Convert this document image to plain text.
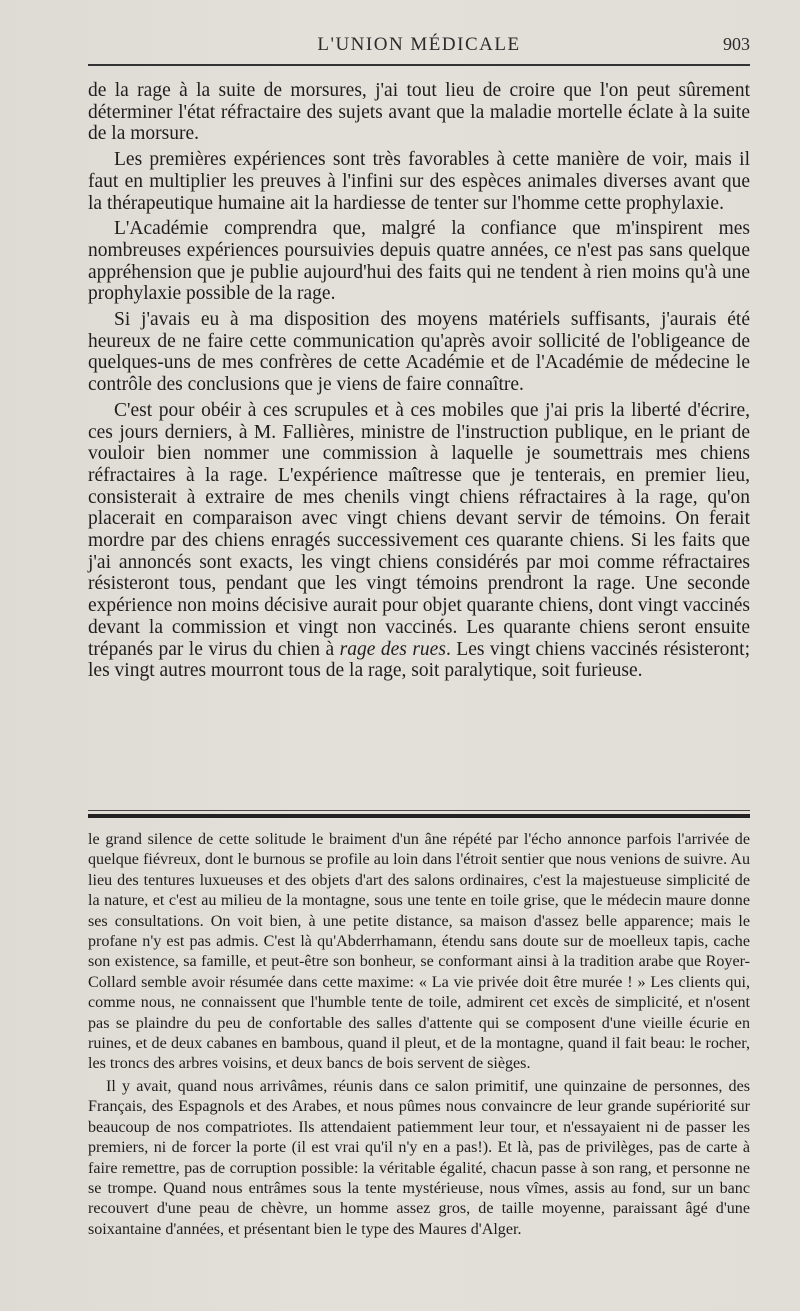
L'UNION MÉDICALE	903

de la rage à la suite de morsures, j'ai tout lieu de croire que l'on peut sûrement déterminer l'état réfractaire des sujets avant que la maladie mortelle éclate à la suite de la morsure.

Les premières expériences sont très favorables à cette manière de voir, mais il faut en multiplier les preuves à l'infini sur des espèces animales diverses avant que la thérapeutique humaine ait la hardiesse de tenter sur l'homme cette prophylaxie.

L'Académie comprendra que, malgré la confiance que m'inspirent mes nombreuses expériences poursuivies depuis quatre années, ce n'est pas sans quelque appréhension que je publie aujourd'hui des faits qui ne tendent à rien moins qu'à une prophylaxie possible de la rage.

Si j'avais eu à ma disposition des moyens matériels suffisants, j'aurais été heureux de ne faire cette communication qu'après avoir sollicité de l'obligeance de quelques-uns de mes confrères de cette Académie et de l'Académie de médecine le contrôle des conclusions que je viens de faire connaître.

C'est pour obéir à ces scrupules et à ces mobiles que j'ai pris la liberté d'écrire, ces jours derniers, à M. Fallières, ministre de l'instruction publique, en le priant de vouloir bien nommer une commission à laquelle je soumettrais mes chiens réfractaires à la rage. L'expérience maîtresse que je tenterais, en premier lieu, consisterait à extraire de mes chenils vingt chiens réfractaires à la rage, qu'on placerait en comparaison avec vingt chiens devant servir de témoins. On ferait mordre par des chiens enragés successivement ces quarante chiens. Si les faits que j'ai annoncés sont exacts, les vingt chiens considérés par moi comme réfractaires résisteront tous, pendant que les vingt témoins prendront la rage. Une seconde expérience non moins décisive aurait pour objet quarante chiens, dont vingt vaccinés devant la commission et vingt non vaccinés. Les quarante chiens seront ensuite trépanés par le virus du chien à rage des rues. Les vingt chiens vaccinés résisteront; les vingt autres mourront tous de la rage, soit paralytique, soit furieuse.

le grand silence de cette solitude le braiment d'un âne répété par l'écho annonce parfois l'arrivée de quelque fiévreux, dont le burnous se profile au loin dans l'étroit sentier que nous venions de suivre. Au lieu des tentures luxueuses et des objets d'art des salons ordinaires, c'est la majestueuse simplicité de la nature, et c'est au milieu de la montagne, sous une tente en toile grise, que le médecin maure donne ses consultations. On voit bien, à une petite distance, sa maison d'assez belle apparence; mais le profane n'y est pas admis. C'est là qu'Abderrhamann, étendu sans doute sur de moelleux tapis, cache son existence, sa famille, et peut-être son bonheur, se conformant ainsi à la tradition arabe que Royer-Collard semble avoir résumée dans cette maxime: « La vie privée doit être murée ! » Les clients qui, comme nous, ne connaissent que l'humble tente de toile, admirent cet excès de simplicité, et n'osent pas se plaindre du peu de confortable des salles d'attente qui se composent d'une vieille écurie en ruines, et de deux cabanes en bambous, quand il pleut, et de la montagne, quand il fait beau: le rocher, les troncs des arbres voisins, et deux bancs de bois servent de sièges.

Il y avait, quand nous arrivâmes, réunis dans ce salon primitif, une quinzaine de personnes, des Français, des Espagnols et des Arabes, et nous pûmes nous convaincre de leur grande supériorité sur beaucoup de nos compatriotes. Ils attendaient patiemment leur tour, et n'essayaient ni de passer les premiers, ni de forcer la porte (il est vrai qu'il n'y en a pas!). Et là, pas de privilèges, pas de carte à faire remettre, pas de corruption possible: la véritable égalité, chacun passe à son rang, et personne ne se trompe. Quand nous entrâmes sous la tente mystérieuse, nous vîmes, assis au fond, sur un banc recouvert d'une peau de chèvre, un homme assez gros, de taille moyenne, paraissant âgé d'une soixantaine d'années, et présentant bien le type des Maures d'Alger.
